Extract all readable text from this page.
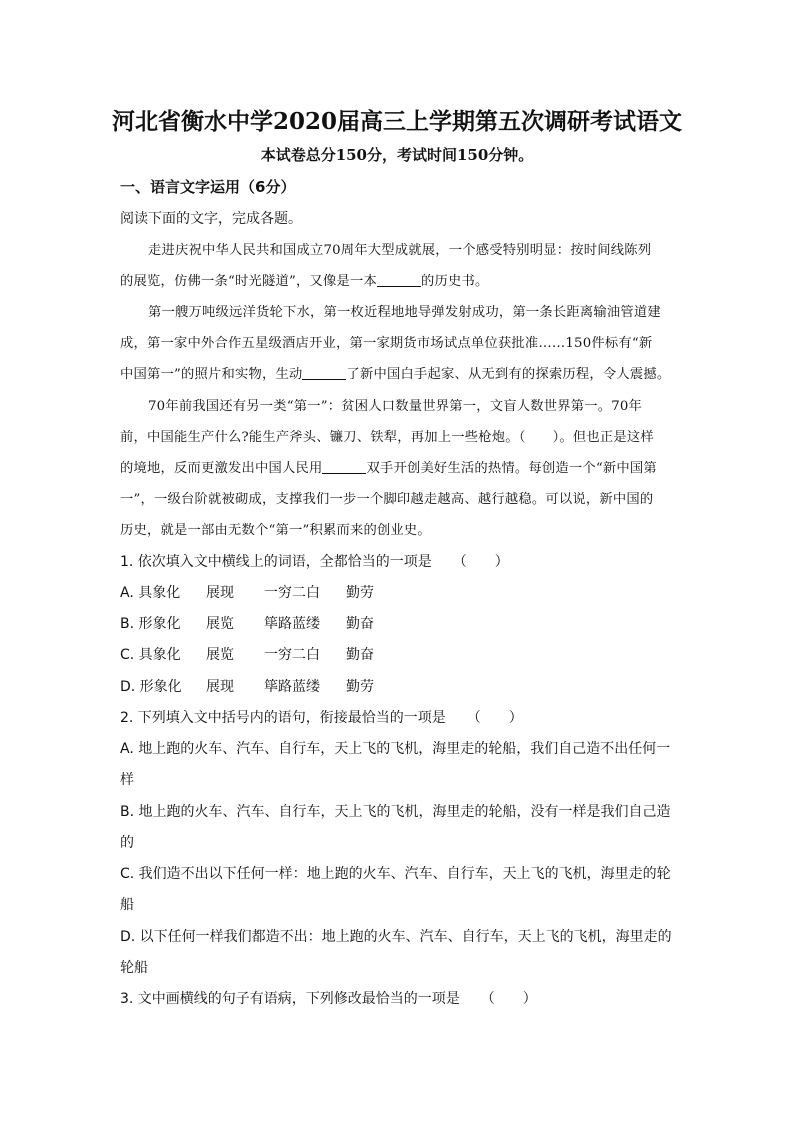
河北省衡水中学2020届高三上学期第五次调研考试语文
本试卷总分150分，考试时间150分钟。
一、语言文字运用（6分）
阅读下面的文字，完成各题。
走进庆祝中华人民共和国成立70周年大型成就展，一个感受特别明显：按时间线陈列
的展览，仿佛一条“时光隧道”，又像是一本	的历史书。
第一艘万吨级远洋货轮下水，第一枚近程地地导弹发射成功，第一条长距离输油管道建
成，第一家中外合作五星级酒店开业，第一家期货市场试点单位获批准……150件标有“新
中国第一”的照片和实物，生动	了新中国白手起家、从无到有的探索历程，令人震撼。
70年前我国还有另一类“第一”：贫困人口数量世界第一，文盲人数世界第一。70年
前，中国能生产什么?能生产斧头、镰刀、铁犁，再加上一些枪炮。（　　）。但也正是这样
的境地，反而更激发出中国人民用	双手开创美好生活的热情。每创造一个“新中国第
一”，一级台阶就被砌成，支撑我们一步一个脚印越走越高、越行越稳。可以说，新中国的
历史，就是一部由无数个“第一”积累而来的创业史。
1. 依次填入文中横线上的词语，全都恰当的一项是　　（　　）
A. 具象化 展现 一穷二白 勤劳
B. 形象化 展览 筚路蓝缕 勤奋
C. 具象化 展览 一穷二白 勤奋
D. 形象化 展现 筚路蓝缕 勤劳
2. 下列填入文中括号内的语句，衔接最恰当的一项是　　（　　）
A. 地上跑的火车、汽车、自行车，天上飞的飞机，海里走的轮船，我们自己造不出任何一
样
B. 地上跑的火车、汽车、自行车，天上飞的飞机，海里走的轮船，没有一样是我们自己造
的
C. 我们造不出以下任何一样：地上跑的火车、汽车、自行车，天上飞的飞机，海里走的轮
船
D. 以下任何一样我们都造不出：地上跑的火车、汽车、自行车，天上飞的飞机，海里走的
轮船
3. 文中画横线的句子有语病，下列修改最恰当的一项是　　（　　）
